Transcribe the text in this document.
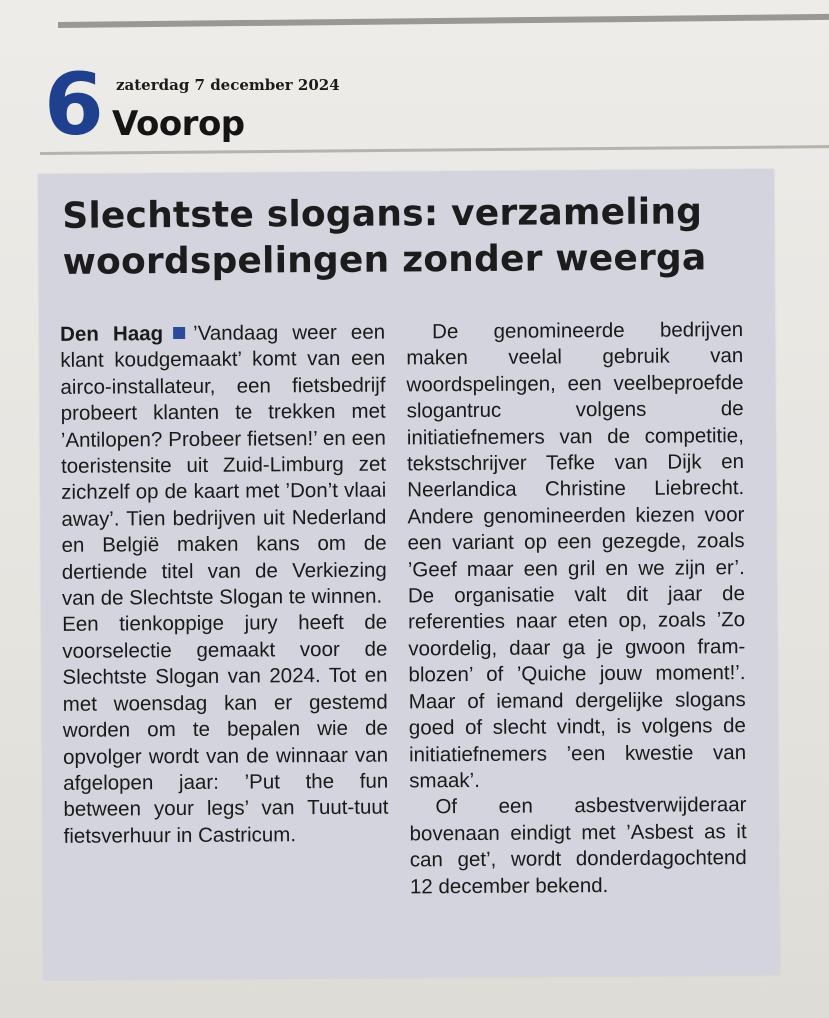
6 zaterdag 7 december 2024
Voorop
Slechtste slogans: verzameling woordspelingen zonder weerga

Den Haag ’Vandaag weer een klant koudgemaakt’ komt van een airco-installateur, een fietsbedrijf probeert klanten te trekken met ’Antilopen? Probeer fietsen!’ en een toeristensite uit Zuid-Limburg zet zichzelf op de kaart met ’Don’t vlaai away’. Tien bedrijven uit Nederland en België maken kans om de dertiende titel van de Verkiezing van de Slechtste Slogan te winnen.

Een tienkoppige jury heeft de voorselectie gemaakt voor de Slechtste Slogan van 2024. Tot en met woensdag kan er gestemd worden om te bepalen wie de opvolger wordt van de winnaar van afgelopen jaar: ’Put the fun between your legs’ van Tuut-tuut fietsverhuur in Castricum.

De genomineerde bedrijven maken veelal gebruik van woordspelingen, een veelbeproefde slogantruc volgens de initiatiefnemers van de competitie, tekstschrijver Tefke van Dijk en Neerlandica Christine Liebrecht. Andere genomineerden kiezen voor een variant op een gezegde, zoals ’Geef maar een gril en we zijn er’. De organisatie valt dit jaar de referenties naar eten op, zoals ’Zo voordelig, daar ga je gwoon framblozen’ of ’Quiche jouw moment!’. Maar of iemand dergelijke slogans goed of slecht vindt, is volgens de initiatiefnemers ’een kwestie van smaak’.

Of een asbestverwijderaar bovenaan eindigt met ’Asbest as it can get’, wordt donderdagochtend 12 december bekend.
